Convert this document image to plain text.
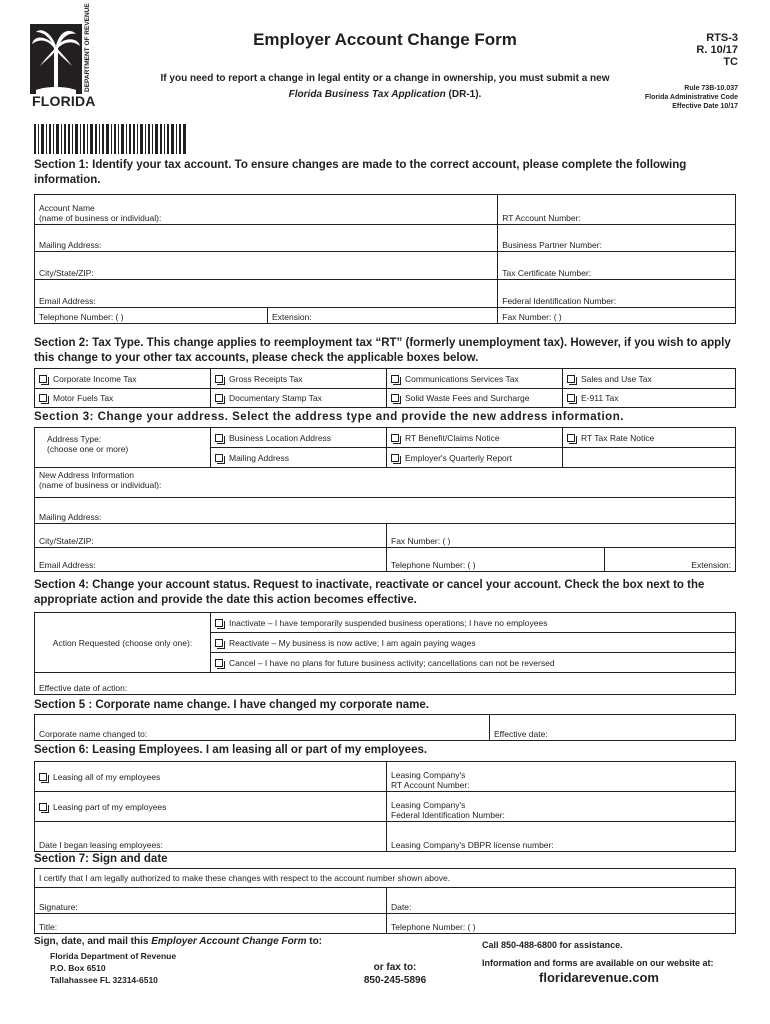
DEPARTMENT OF REVENUE
FLORIDA
Employer Account Change Form
If you need to report a change in legal entity or a change in ownership, you must submit a new
Florida Business Tax Application (DR-1).
RTS-3
R. 10/17
TC
Rule 73B-10.037
Florida Administrative Code
Effective Date 10/17
Section 1: Identify your tax account. To ensure changes are made to the correct account, please complete the following information.
Account Name
(name of business or individual):		RT Account Number:
Mailing Address:		Business Partner Number:
City/State/ZIP:		Tax Certificate Number:
Email Address:		Federal Identification Number:
Telephone Number: ( )	Extension:	Fax Number: ( )
Section 2: Tax Type. This change applies to reemployment tax “RT” (formerly unemployment tax). However, if you wish to apply this change to your other tax accounts, please check the applicable boxes below.
Corporate Income Tax	Gross Receipts Tax	Communications Services Tax	Sales and Use Tax
Motor Fuels Tax	Documentary Stamp Tax	Solid Waste Fees and Surcharge	E-911 Tax
Section 3: Change your address. Select the address type and provide the new address information.
Address Type:
(choose one or more)	Business Location Address	RT Benefit/Claims Notice	RT Tax Rate Notice
	Mailing Address	Employer's Quarterly Report	
New Address Information
(name of business or individual):		

Mailing Address:		
City/State/ZIP:	Fax Number: ( )	
Email Address:	Telephone Number: ( )	Extension:
Section 4: Change your account status. Request to inactivate, reactivate or cancel your account. Check the box next to the appropriate action and provide the date this action becomes effective.
Action Requested (choose only one):	Inactivate – I have temporarily suspended business operations; I have no employees
Reactivate – My business is now active; I am again paying wages
Cancel – I have no plans for future business activity; cancellations can not be reversed
Effective date of action:
Section 5 : Corporate name change. I have changed my corporate name.
Corporate name changed to:	Effective date:
Section 6: Leasing Employees. I am leasing all or part of my employees.
Leasing all of my employees	Leasing Company's
RT Account Number:

Leasing part of my employees	Leasing Company's
Federal Identification Number:

Date I began leasing employees:	Leasing Company's DBPR license number:
Section 7: Sign and date
I certify that I am legally authorized to make these changes with respect to the account number shown above.	
Signature:	Date:
Title:	Telephone Number: ( )
Sign, date, and mail this Employer Account Change Form to:
Florida Department of Revenue
P.O. Box 6510
Tallahassee FL 32314-6510
or fax to:
850-245-5896
Call 850-488-6800 for assistance.
Information and forms are available on our website at:
floridarevenue.com
